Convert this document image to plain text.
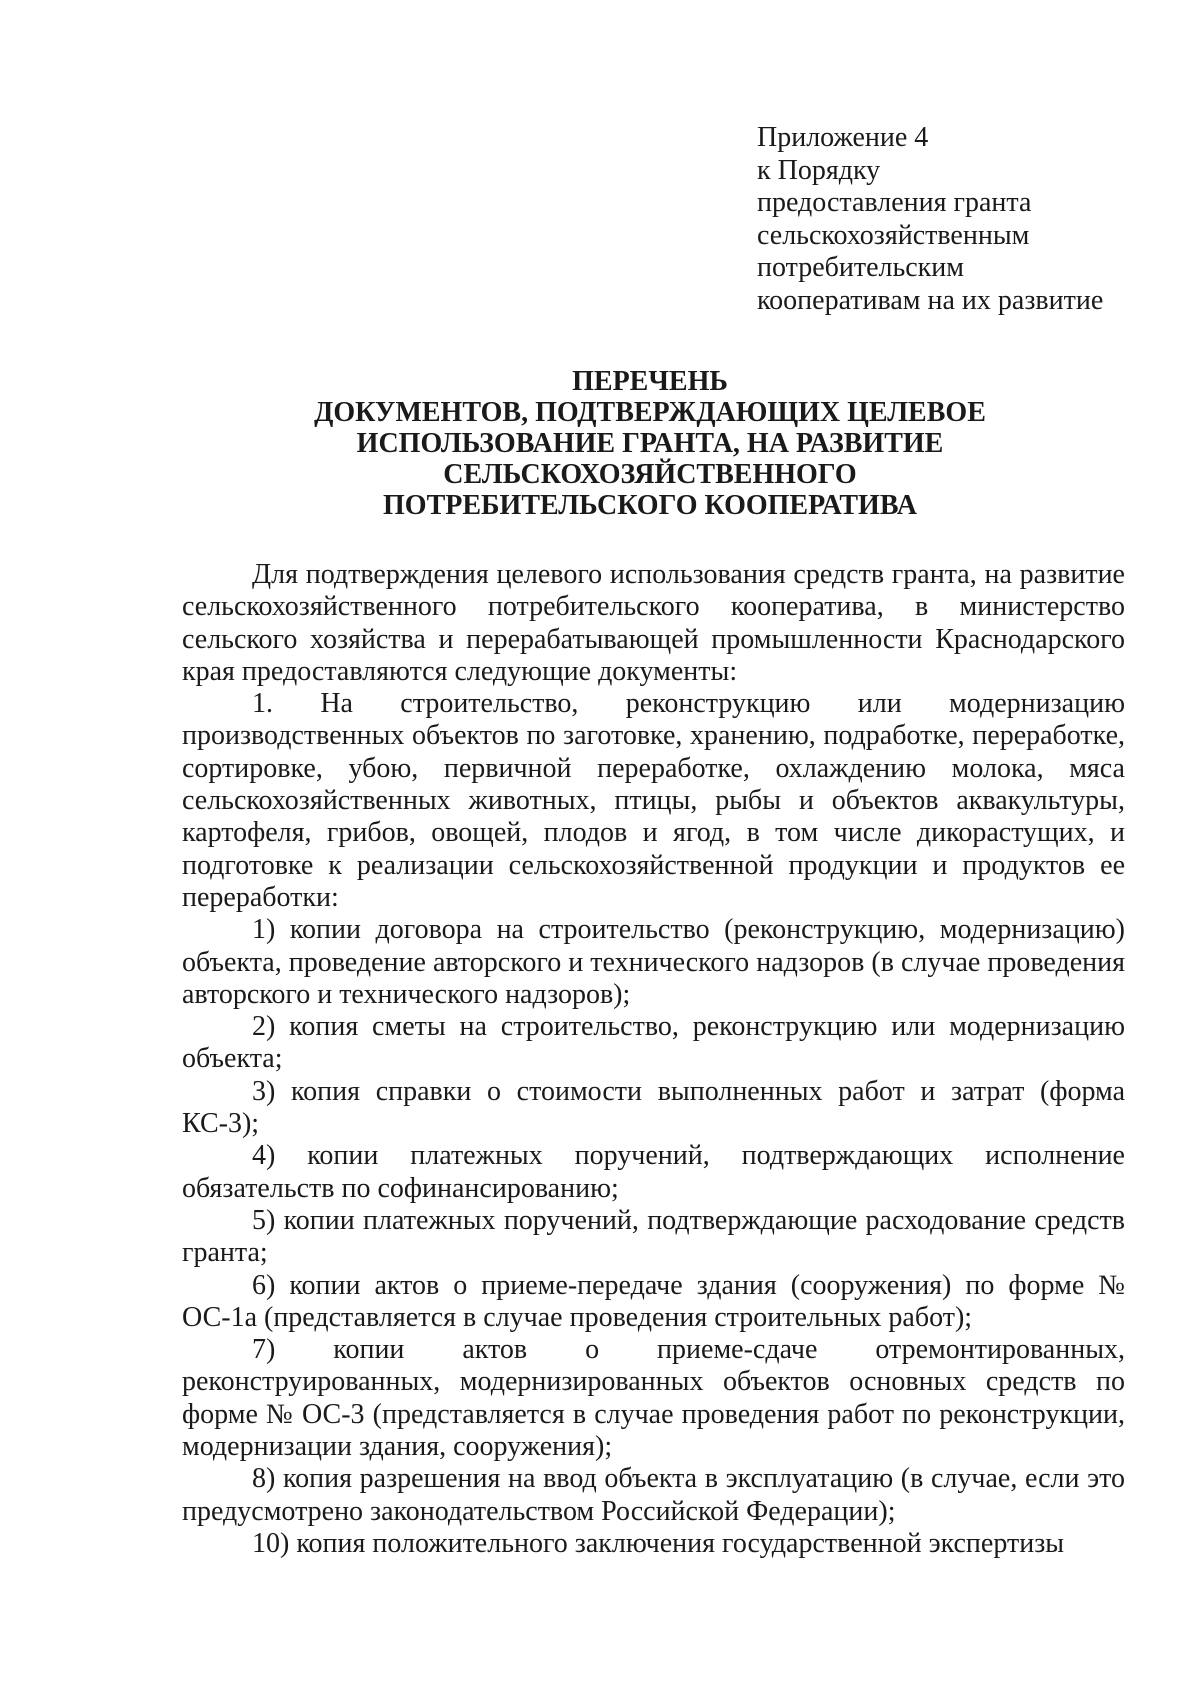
Приложение 4
к Порядку
предоставления гранта
сельскохозяйственным
потребительским
кооперативам на их развитие
ПЕРЕЧЕНЬ
ДОКУМЕНТОВ, ПОДТВЕРЖДАЮЩИХ ЦЕЛЕВОЕ
ИСПОЛЬЗОВАНИЕ ГРАНТА, НА РАЗВИТИЕ
СЕЛЬСКОХОЗЯЙСТВЕННОГО
ПОТРЕБИТЕЛЬСКОГО КООПЕРАТИВА

Для подтверждения целевого использования средств гранта, на развитие сельскохозяйственного потребительского кооператива, в министерство сельского хозяйства и перерабатывающей промышленности Краснодарского края предоставляются следующие документы:

1. На строительство, реконструкцию или модернизацию производственных объектов по заготовке, хранению, подработке, переработке, сортировке, убою, первичной переработке, охлаждению молока, мяса сельскохозяйственных животных, птицы, рыбы и объектов аквакультуры, картофеля, грибов, овощей, плодов и ягод, в том числе дикорастущих, и подготовке к реализации сельскохозяйственной продукции и продуктов ее переработки:

1) копии договора на строительство (реконструкцию, модернизацию) объекта, проведение авторского и технического надзоров (в случае проведения авторского и технического надзоров);

2) копия сметы на строительство, реконструкцию или модернизацию объекта;

3) копия справки о стоимости выполненных работ и затрат (форма КС-3);

4) копии платежных поручений, подтверждающих исполнение обязательств по софинансированию;

5) копии платежных поручений, подтверждающие расходование средств гранта;

6) копии актов о приеме-передаче здания (сооружения) по форме № ОС-1а (представляется в случае проведения строительных работ);

7) копии актов о приеме-сдаче отремонтированных, реконструированных, модернизированных объектов основных средств по форме № ОС-3 (представляется в случае проведения работ по реконструкции, модернизации здания, сооружения);

8) копия разрешения на ввод объекта в эксплуатацию (в случае, если это предусмотрено законодательством Российской Федерации);

10) копия положительного заключения государственной экспертизы
